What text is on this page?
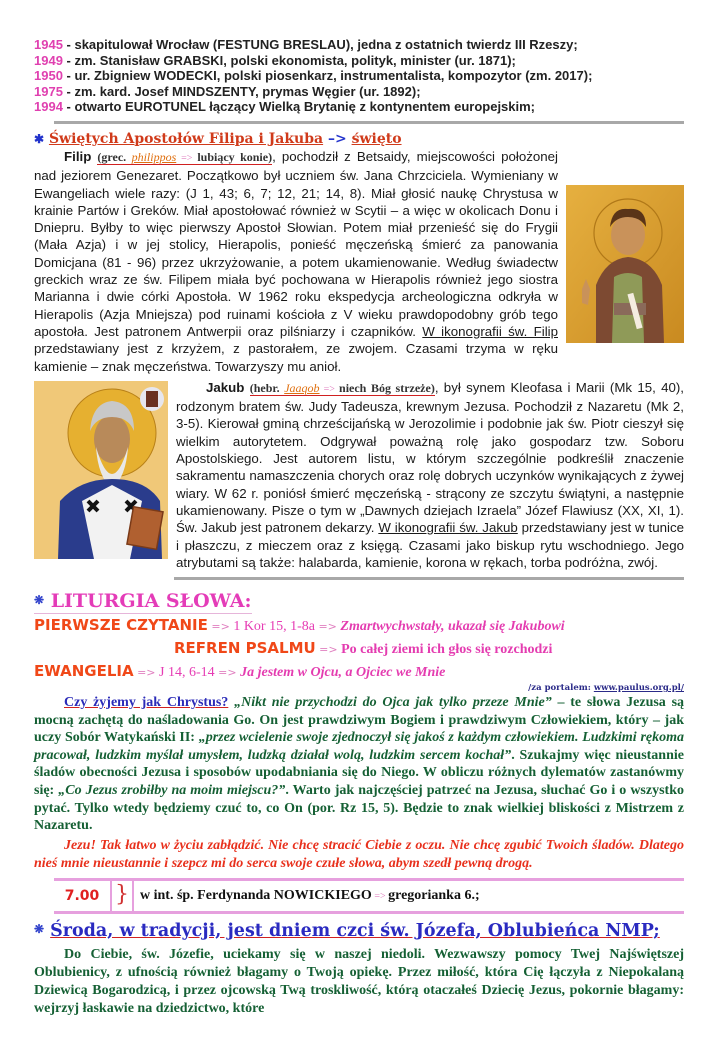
1945 - skapitulował Wrocław (FESTUNG BRESLAU), jedna z ostatnich twierdz III Rzeszy;
1949 - zm. Stanisław GRABSKI, polski ekonomista, polityk, minister (ur. 1871);
1950 - ur. Zbigniew WODECKI, polski piosenkarz, instrumentalista, kompozytor (zm. 2017);
1975 - zm. kard. Josef MINDSZENTY, prymas Węgier (ur. 1892);
1994 - otwarto EUROTUNEL łączący Wielką Brytanię z kontynentem europejskim;
✱ Świętych Apostołów Filipa i Jakuba –> święto
Filip (grec. philippos => lubiący konie), pochodził z Betsaidy, miejscowości położonej nad jeziorem Genezaret. Początkowo był uczniem św. Jana Chrzciciela. Wymieniany w Ewangeliach wiele razy: (J 1, 43; 6, 7; 12, 21; 14, 8). Miał głosić naukę Chrystusa w krainie Partów i Greków. Miał apostołować również w Scytii – a więc w okolicach Donu i Dniepru. Byłby to więc pierwszy Apostoł Słowian. Potem miał przenieść się do Frygii (Mała Azja) i w jej stolicy, Hierapolis, ponieść męczeńską śmierć za panowania Domicjana (81 - 96) przez ukrzyżowanie, a potem ukamienowanie. Według świadectw greckich wraz ze św. Filipem miała być pochowana w Hierapolis również jego siostra Marianna i dwie córki Apostoła. W 1962 roku ekspedycja archeologiczna odkryła w Hierapolis (Azja Mniejsza) pod ruinami kościoła z V wieku prawdopodobny grób tego apostoła. Jest patronem Antwerpii oraz pilśniarzy i czapników. W ikonografii św. Filip przedstawiany jest z krzyżem, z pastorałem, ze zwojem. Czasami trzyma w ręku kamienie – znak męczeństwa. Towarzyszy mu anioł.
Jakub (hebr. Jaaqob => niech Bóg strzeże), był synem Kleofasa i Marii (Mk 15, 40), rodzonym bratem św. Judy Tadeusza, krewnym Jezusa. Pochodził z Nazaretu (Mk 2, 3-5). Kierował gminą chrześcijańską w Jerozolimie i podobnie jak św. Piotr cieszył się wielkim autorytetem. Odgrywał poważną rolę jako gospodarz tzw. Soboru Apostolskiego. Jest autorem listu, w którym szczególnie podkreślił znaczenie sakramentu namaszczenia chorych oraz rolę dobrych uczynków wynikających z żywej wiary. W 62 r. poniósł śmierć męczeńską - strącony ze szczytu świątyni, a następnie ukamienowany. Pisze o tym w „Dawnych dziejach Izraela” Józef Flawiusz (XX, XI, 1). Św. Jakub jest patronem dekarzy. W ikonografii św. Jakub przedstawiany jest w tunice i płaszczu, z mieczem oraz z księgą. Czasami jako biskup rytu wschodniego. Jego atrybutami są także: halabarda, kamienie, korona w rękach, torba podróżna, zwój.
❋ LITURGIA SŁOWA:
PIERWSZE CZYTANIE => 1 Kor 15, 1-8a => Zmartwychwstały, ukazał się Jakubowi
REFREN PSALMU => Po całej ziemi ich głos się rozchodzi
EWANGELIA => J 14, 6-14 => Ja jestem w Ojcu, a Ojciec we Mnie
/za portalem: www.paulus.org.pl/
Czy żyjemy jak Chrystus? „Nikt nie przychodzi do Ojca jak tylko przeze Mnie” – te słowa Jezusa są mocną zachętą do naśladowania Go. On jest prawdziwym Bogiem i prawdziwym Człowiekiem, który – jak uczy Sobór Watykański II: „przez wcielenie swoje zjednoczył się jakoś z każdym człowiekiem. Ludzkimi rękoma pracował, ludzkim myślał umysłem, ludzką działał wolą, ludzkim sercem kochał”. Szukajmy więc nieustannie śladów obecności Jezusa i sposobów upodabniania się do Niego. W obliczu różnych dylematów zastanówmy się: „Co Jezus zrobiłby na moim miejscu?”. Warto jak najczęściej patrzeć na Jezusa, słuchać Go i o wszystko pytać. Tylko wtedy będziemy czuć to, co On (por. Rz 15, 5). Będzie to znak wielkiej bliskości z Mistrzem z Nazaretu.
Jezu! Tak łatwo w życiu zabłądzić. Nie chcę stracić Ciebie z oczu. Nie chcę zgubić Twoich śladów. Dlatego nieś mnie nieustannie i szepcz mi do serca swoje czułe słowa, abym szedł pewną drogą.
7.00 } w int. śp. Ferdynanda NOWICKIEGO => gregorianka 6.;
❋ Środa, w tradycji, jest dniem czci św. Józefa, Oblubieńca NMP;
Do Ciebie, św. Józefie, uciekamy się w naszej niedoli. Wezwawszy pomocy Twej Najświętszej Oblubienicy, z ufnością również błagamy o Twoją opiekę. Przez miłość, która Cię łączyła z Niepokalaną Dziewicą Bogarodzicą, i przez ojcowską Twą troskliwość, którą otaczałeś Dziecię Jezus, pokornie błagamy: wejrzyj łaskawie na dziedzictwo, które
